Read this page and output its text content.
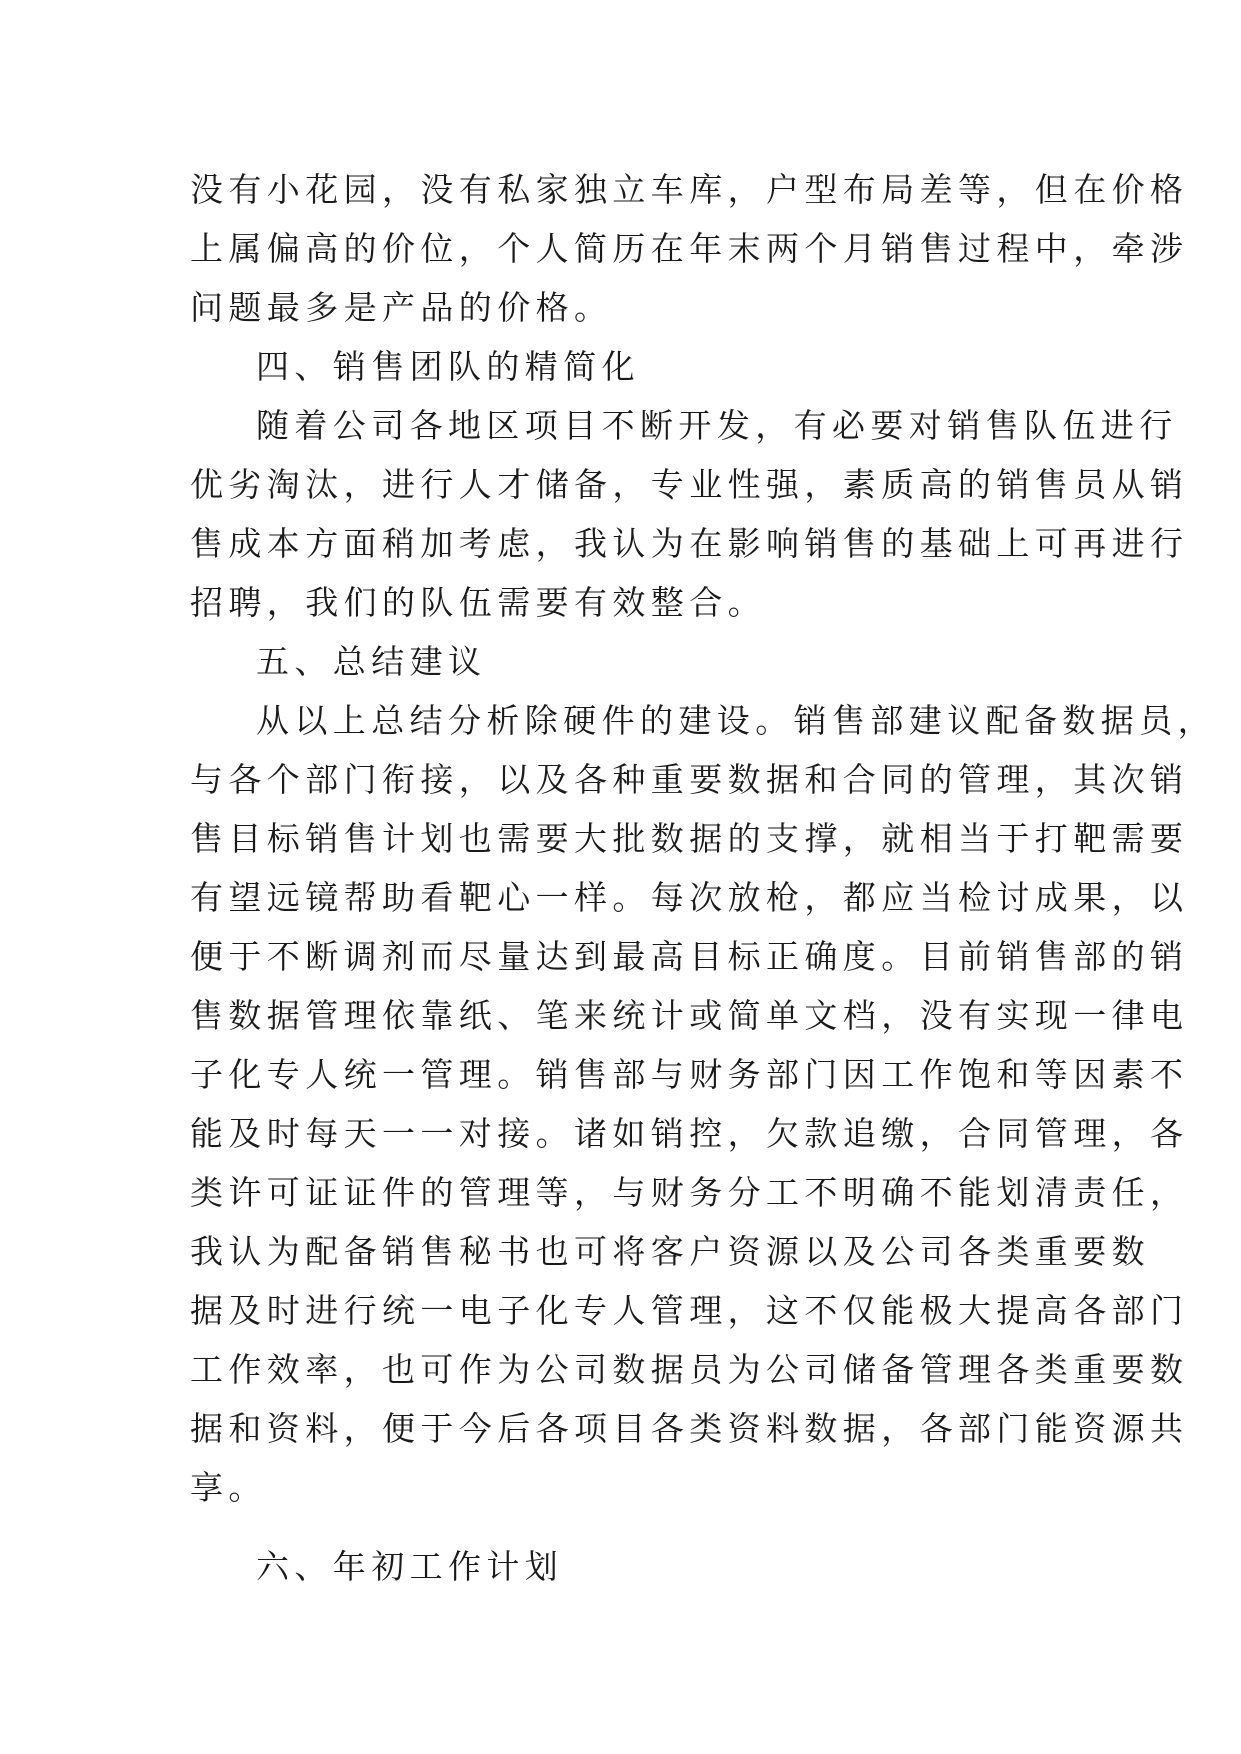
没有小花园，没有私家独立车库，户型布局差等，但在价格
上属偏高的价位，个人简历在年末两个月销售过程中，牵涉
问题最多是产品的价格。
四、销售团队的精简化
随着公司各地区项目不断开发，有必要对销售队伍进行
优劣淘汰，进行人才储备，专业性强，素质高的销售员从销
售成本方面稍加考虑，我认为在影响销售的基础上可再进行
招聘，我们的队伍需要有效整合。
五、总结建议
从以上总结分析除硬件的建设。销售部建议配备数据员，
与各个部门衔接，以及各种重要数据和合同的管理，其次销
售目标销售计划也需要大批数据的支撑，就相当于打靶需要
有望远镜帮助看靶心一样。每次放枪，都应当检讨成果，以
便于不断调剂而尽量达到最高目标正确度。目前销售部的销
售数据管理依靠纸、笔来统计或简单文档，没有实现一律电
子化专人统一管理。销售部与财务部门因工作饱和等因素不
能及时每天一一对接。诸如销控，欠款追缴，合同管理，各
类许可证证件的管理等，与财务分工不明确不能划清责任，
我认为配备销售秘书也可将客户资源以及公司各类重要数
据及时进行统一电子化专人管理，这不仅能极大提高各部门
工作效率，也可作为公司数据员为公司储备管理各类重要数
据和资料，便于今后各项目各类资料数据，各部门能资源共
享。
六、年初工作计划
